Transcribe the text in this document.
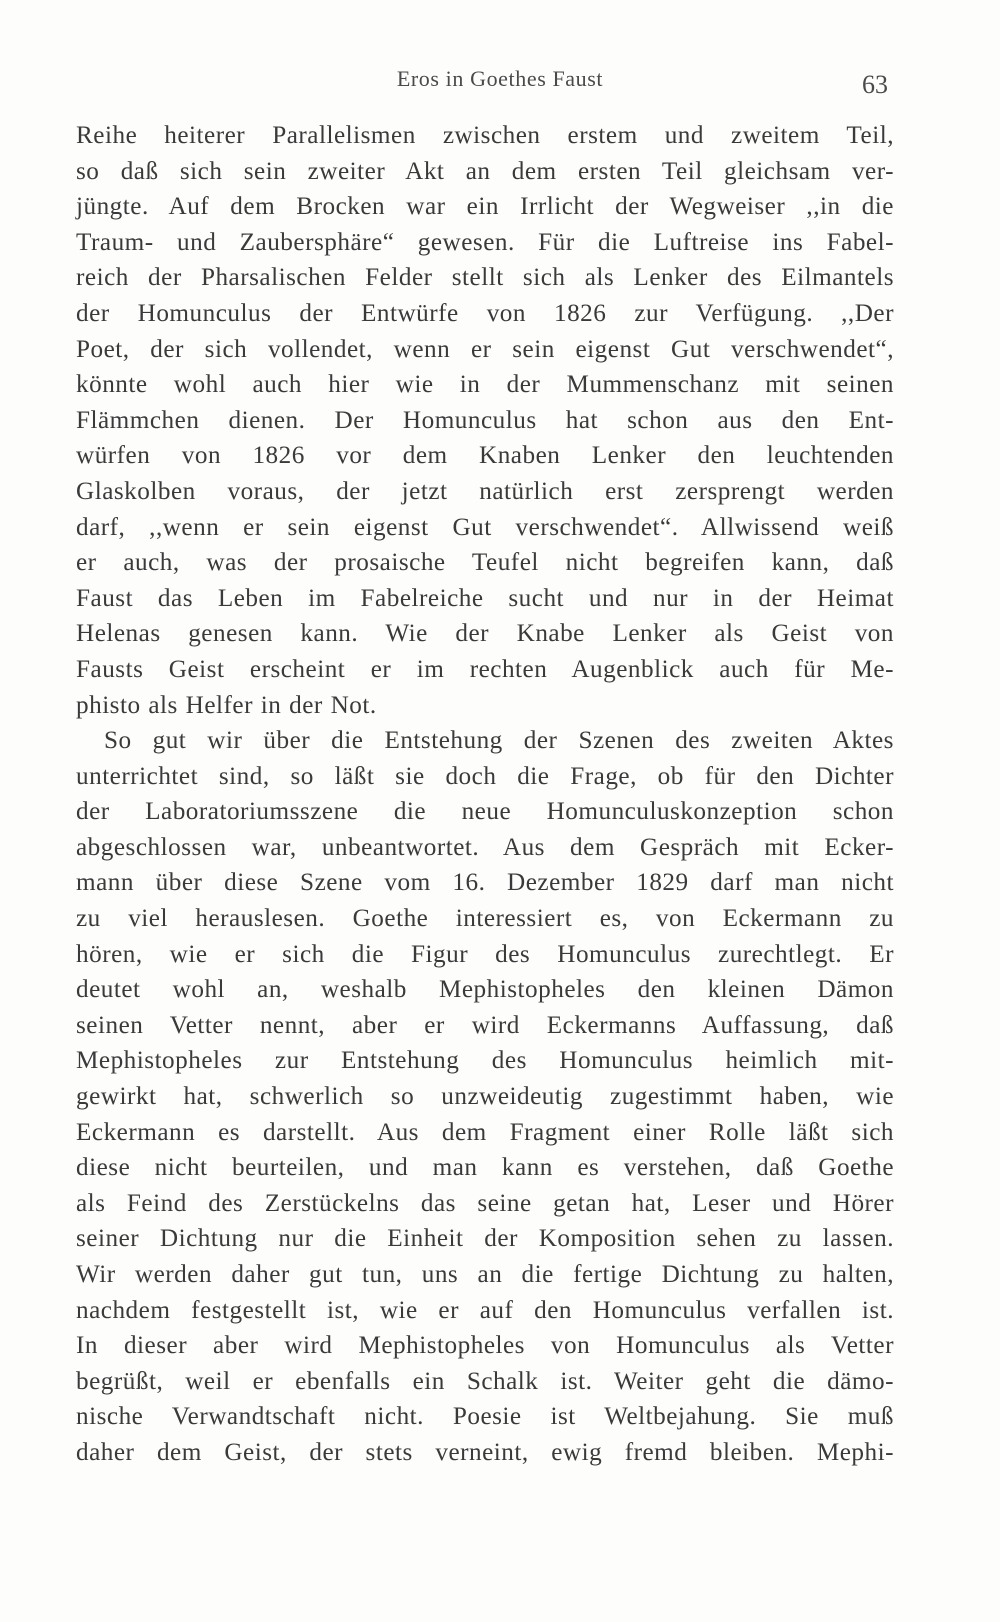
Eros in Goethes Faust	63
Reihe heiterer Parallelismen zwischen erstem und zweitem Teil,
so daß sich sein zweiter Akt an dem ersten Teil gleichsam ver-
jüngte. Auf dem Brocken war ein Irrlicht der Wegweiser ,,in die
Traum- und Zaubersphäre“ gewesen. Für die Luftreise ins Fabel-
reich der Pharsalischen Felder stellt sich als Lenker des Eilmantels
der Homunculus der Entwürfe von 1826 zur Verfügung. ,,Der
Poet, der sich vollendet, wenn er sein eigenst Gut verschwendet“,
könnte wohl auch hier wie in der Mummenschanz mit seinen
Flämmchen dienen. Der Homunculus hat schon aus den Ent-
würfen von 1826 vor dem Knaben Lenker den leuchtenden
Glaskolben voraus, der jetzt natürlich erst zersprengt werden
darf, ,,wenn er sein eigenst Gut verschwendet“. Allwissend weiß
er auch, was der prosaische Teufel nicht begreifen kann, daß
Faust das Leben im Fabelreiche sucht und nur in der Heimat
Helenas genesen kann. Wie der Knabe Lenker als Geist von
Fausts Geist erscheint er im rechten Augenblick auch für Me-
phisto als Helfer in der Not.
So gut wir über die Entstehung der Szenen des zweiten Aktes
unterrichtet sind, so läßt sie doch die Frage, ob für den Dichter
der Laboratoriumsszene die neue Homunculuskonzeption schon
abgeschlossen war, unbeantwortet. Aus dem Gespräch mit Ecker-
mann über diese Szene vom 16. Dezember 1829 darf man nicht
zu viel herauslesen. Goethe interessiert es, von Eckermann zu
hören, wie er sich die Figur des Homunculus zurechtlegt. Er
deutet wohl an, weshalb Mephistopheles den kleinen Dämon
seinen Vetter nennt, aber er wird Eckermanns Auffassung, daß
Mephistopheles zur Entstehung des Homunculus heimlich mit-
gewirkt hat, schwerlich so unzweideutig zugestimmt haben, wie
Eckermann es darstellt. Aus dem Fragment einer Rolle läßt sich
diese nicht beurteilen, und man kann es verstehen, daß Goethe
als Feind des Zerstückelns das seine getan hat, Leser und Hörer
seiner Dichtung nur die Einheit der Komposition sehen zu lassen.
Wir werden daher gut tun, uns an die fertige Dichtung zu halten,
nachdem festgestellt ist, wie er auf den Homunculus verfallen ist.
In dieser aber wird Mephistopheles von Homunculus als Vetter
begrüßt, weil er ebenfalls ein Schalk ist. Weiter geht die dämo-
nische Verwandtschaft nicht. Poesie ist Weltbejahung. Sie muß
daher dem Geist, der stets verneint, ewig fremd bleiben. Mephi-
